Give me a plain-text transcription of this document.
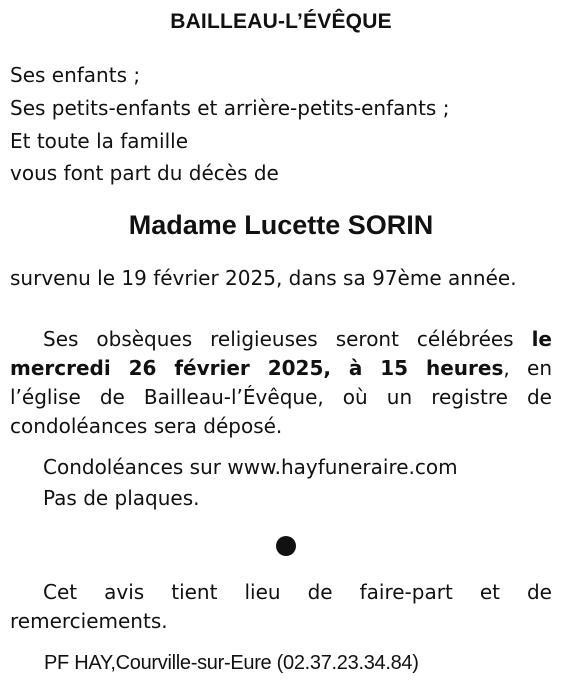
BAILLEAU-L’ÉVÊQUE
Ses enfants ;
Ses petits-enfants et arrière-petits-enfants ;
Et toute la famille
vous font part du décès de
Madame Lucette SORIN
survenu le 19 février 2025, dans sa 97ème année.
Ses obsèques religieuses seront célébrées le mercredi 26 février 2025, à 15 heures, en l’église de Bailleau-l’Évêque, où un registre de condoléances sera déposé.
Condoléances sur www.hayfuneraire.com
Pas de plaques.
Cet avis tient lieu de faire-part et de remerciements.
PF HAY,Courville-sur-Eure (02.37.23.34.84)
